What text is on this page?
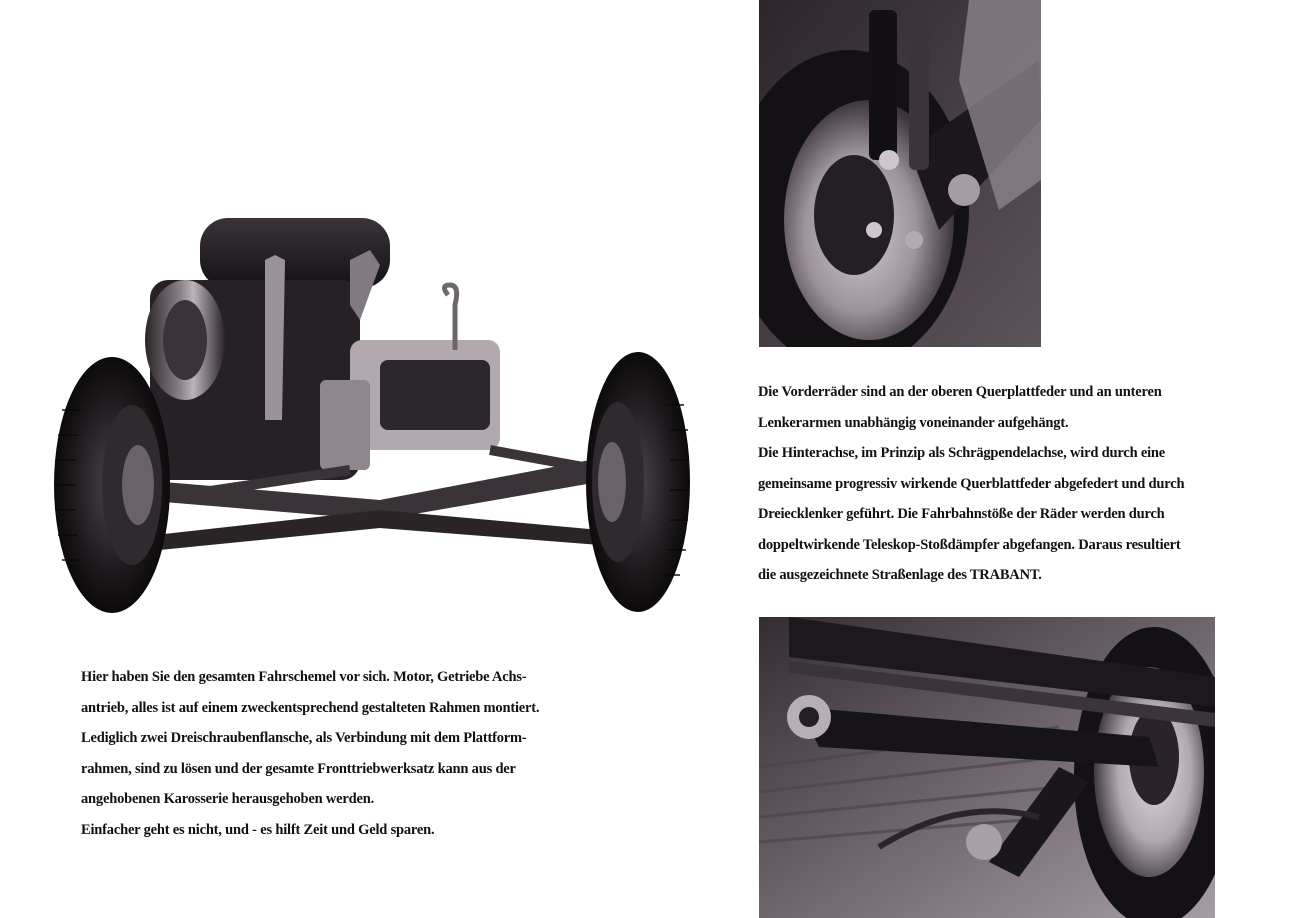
Hier haben Sie den gesamten Fahrschemel vor sich. Motor, Getriebe Achs-

antrieb, alles ist auf einem zweckentsprechend gestalteten Rahmen montiert.

Lediglich zwei Dreischraubenflansche, als Verbindung mit dem Plattform-

rahmen, sind zu lösen und der gesamte Fronttriebwerksatz kann aus der

angehobenen Karosserie herausgehoben werden.

Einfacher geht es nicht, und - es hilft Zeit und Geld sparen.

Die Vorderräder sind an der oberen Querplattfeder und an unteren

Lenkerarmen unabhängig voneinander aufgehängt.

Die Hinterachse, im Prinzip als Schrägpendelachse, wird durch eine

gemeinsame progressiv wirkende Querblattfeder abgefedert und durch

Dreiecklenker geführt. Die Fahrbahnstöße der Räder werden durch

doppeltwirkende Teleskop-Stoßdämpfer abgefangen. Daraus resultiert

die ausgezeichnete Straßenlage des TRABANT.
